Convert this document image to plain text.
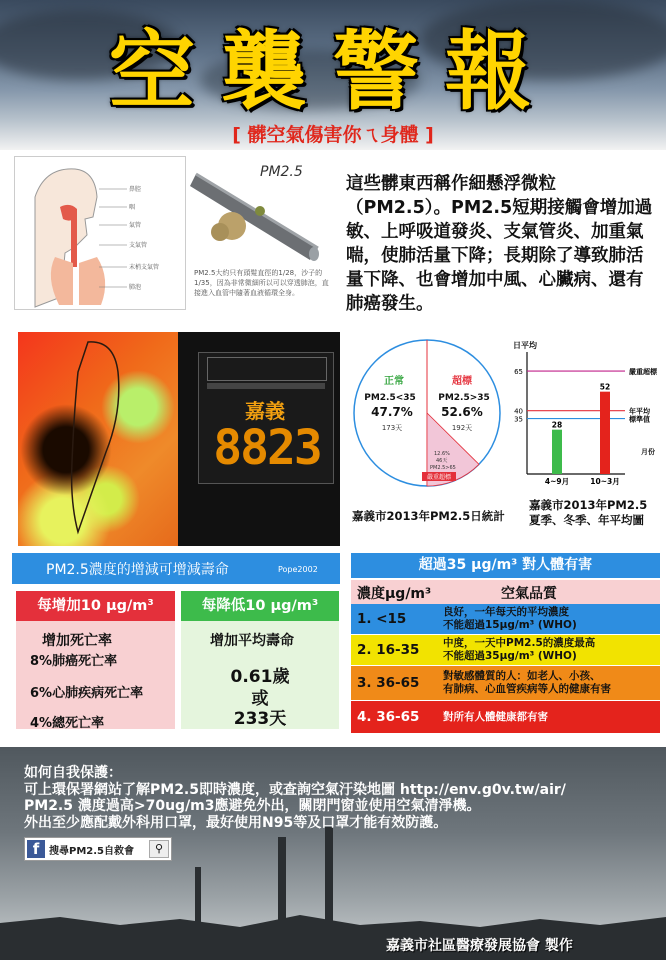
空襲警報
[ 髒空氣傷害你ㄟ身體 ]
鼻腔
咽
氣管
支氣管
末梢支氣管
肺泡
PM2.5
PM2.5大約只有頭髮直徑的1/28，沙子的1/35，因為非常微細所以可以穿透肺泡，直接進入血管中隨著血液循環全身。
這些髒東西稱作細懸浮微粒（PM2.5）。PM2.5短期接觸會增加過敏、上呼吸道發炎、支氣管炎、加重氣喘，使肺活量下降；長期除了導致肺活量下降、也會增加中風、心臟病、還有肺癌發生。
嘉義
8823
正常
PM2.5<35
47.7%
173天
超標
PM2.5>35
52.6%
192天
12.6%
46天
PM2.5>65
嚴重超標
嘉義市2013年PM2.5日統計
日平均
35
40
65	嚴重超標
年平均
標準值
28
4~9月
52
10~3月
月份
嘉義市2013年PM2.5 夏季、冬季、年平均圖
PM2.5濃度的增減可增減壽命	Pope2002
每增加10 μg/m³
增加死亡率
8%肺癌死亡率
6%心肺疾病死亡率
4%總死亡率
每降低10 μg/m³
增加平均壽命
0.61歲
或
233天
超過35 μg/m³ 對人體有害
濃度μg/m³	空氣品質
1. <15	良好，一年每天的平均濃度
不能超過15μg/m³ (WHO)
2. 16-35 中度，一天中PM2.5的濃度最高
不能超過35μg/m³ (WHO)
3. 36-65 對敏感體質的人：如老人、小孩、
有肺病、心血管疾病等人的健康有害
4. 36-65 對所有人體健康都有害
如何自我保護：
可上環保署網站了解PM2.5即時濃度，或查詢空氣汙染地圖 http://env.g0v.tw/air/
PM2.5 濃度過高>70ug/m3應避免外出，關閉門窗並使用空氣清淨機。
外出至少應配戴外科用口罩，最好使用N95等及口罩才能有效防護。
f 搜尋PM2.5自救會	⚲
嘉義市社區醫療發展協會 製作
